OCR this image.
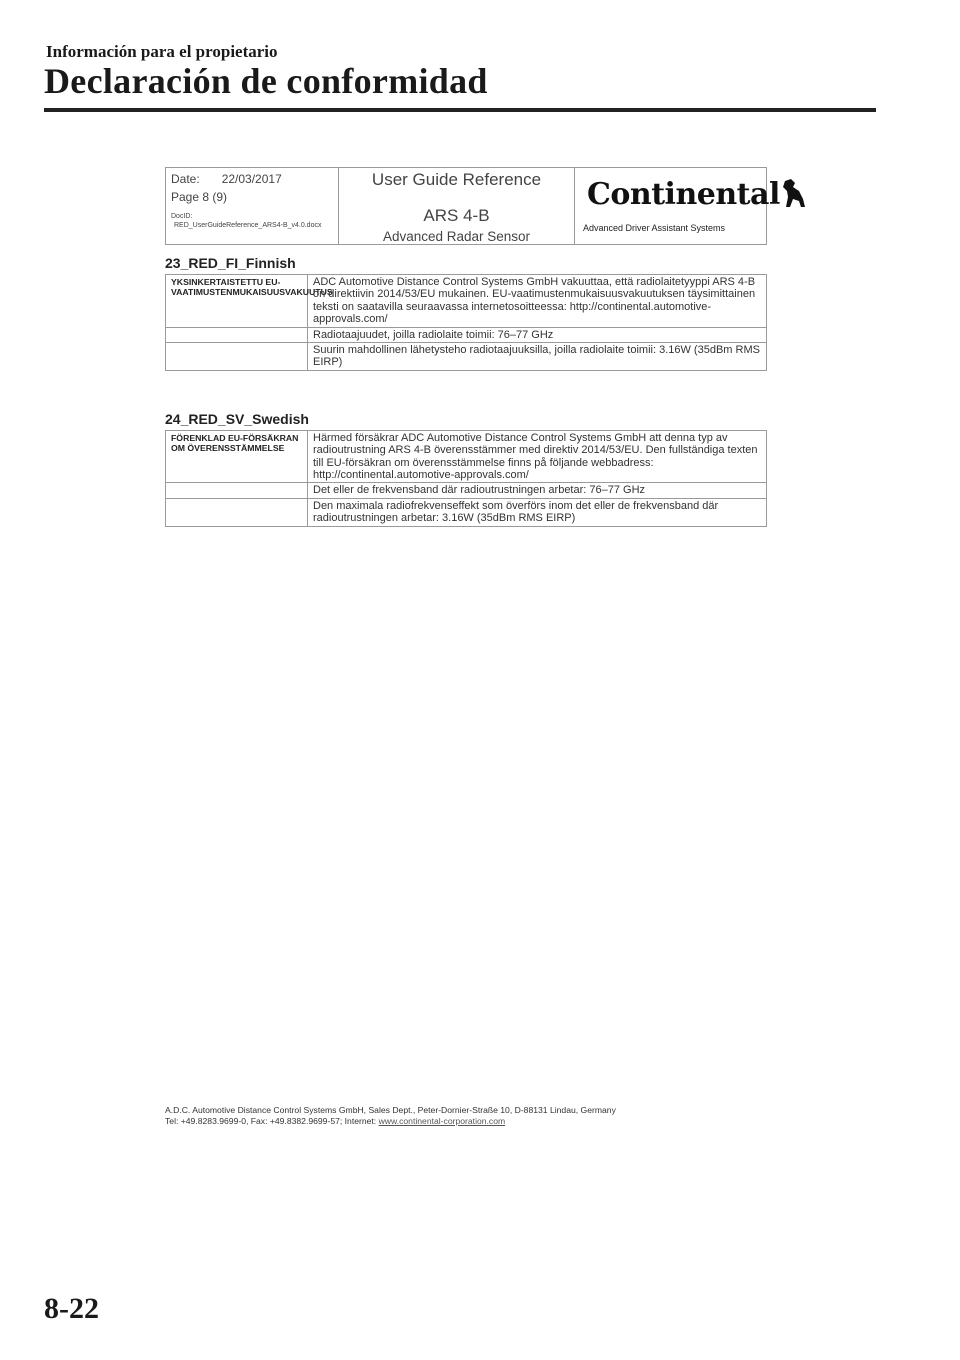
Información para el propietario
Declaración de conformidad
Date: 22/03/2017
Page 8 (9)
DocID:
RED_UserGuideReference_ARS4-B_v4.0.docx
User Guide Reference
ARS 4-B
Advanced Radar Sensor
Continental
Advanced Driver Assistant Systems
23_RED_FI_Finnish
YKSINKERTAISTETTU EU-VAATIMUSTENMUKAISUUSVAKUUTUS	ADC Automotive Distance Control Systems GmbH vakuuttaa, että radiolaitetyyppi ARS 4-B on direktiivin 2014/53/EU mukainen. EU-vaatimustenmukaisuusvakuutuksen täysimittainen teksti on saatavilla seuraavassa internetosoitteessa: http://continental.automotive-approvals.com/
	Radiotaajuudet, joilla radiolaite toimii: 76–77 GHz
	Suurin mahdollinen lähetysteho radiotaajuuksilla, joilla radiolaite toimii: 3.16W (35dBm RMS EIRP)
24_RED_SV_Swedish
FÖRENKLAD EU-FÖRSÄKRAN OM ÖVERENSSTÄMMELSE	Härmed försäkrar ADC Automotive Distance Control Systems GmbH att denna typ av radioutrustning ARS 4-B överensstämmer med direktiv 2014/53/EU. Den fullständiga texten till EU-försäkran om överensstämmelse finns på följande webbadress: http://continental.automotive-approvals.com/
	Det eller de frekvensband där radioutrustningen arbetar: 76–77 GHz
	Den maximala radiofrekvenseffekt som överförs inom det eller de frekvensband där radioutrustningen arbetar: 3.16W (35dBm RMS EIRP)
A.D.C. Automotive Distance Control Systems GmbH, Sales Dept., Peter-Dornier-Straße 10, D-88131 Lindau, Germany
Tel: +49.8283.9699-0, Fax: +49.8382.9699-57; Internet: www.continental-corporation.com
8-22
